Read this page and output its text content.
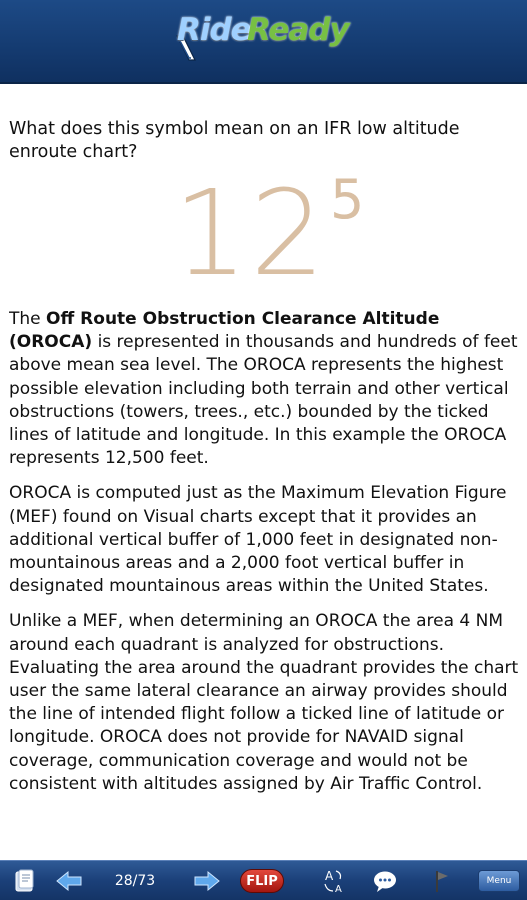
Ride
Ready

What does this symbol mean on an IFR low altitude enroute chart?

12 5

The Off Route Obstruction Clearance Altitude (OROCA) is represented in thousands and hundreds of feet above mean sea level. The OROCA represents the highest possible elevation including both terrain and other vertical obstructions (towers, trees., etc.) bounded by the ticked lines of latitude and longitude. In this example the OROCA represents 12,500 feet.

OROCA is computed just as the Maximum Elevation Figure (MEF) found on Visual charts except that it provides an additional vertical buffer of 1,000 feet in designated non-mountainous areas and a 2,000 foot vertical buffer in designated mountainous areas within the United States.

Unlike a MEF, when determining an OROCA the area 4 NM around each quadrant is analyzed for obstructions. Evaluating the area around the quadrant provides the chart user the same lateral clearance an airway provides should the line of intended flight follow a ticked line of latitude or longitude. OROCA does not provide for NAVAID signal coverage, communication coverage and would not be consistent with altitudes assigned by Air Traffic Control.

28/73	FLIP	A
A
Menu
